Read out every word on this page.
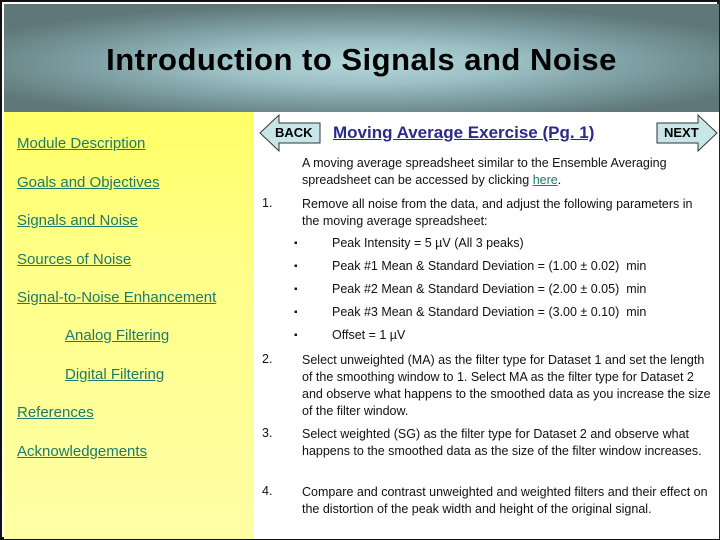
Introduction to Signals and Noise
Module Description
Goals and Objectives
Signals and Noise
Sources of Noise
Signal-to-Noise Enhancement
Analog Filtering
Digital Filtering
References
Acknowledgements
BACK Moving Average Exercise (Pg. 1)	NEXT
A moving average spreadsheet similar to the Ensemble Averaging spreadsheet can be accessed by clicking here.
1. Remove all noise from the data, and adjust the following parameters in the moving average spreadsheet:
▪	Peak Intensity = 5 µV (All 3 peaks)
▪	Peak #1 Mean & Standard Deviation = (1.00 ± 0.02)  min
▪	Peak #2 Mean & Standard Deviation = (2.00 ± 0.05)  min
▪	Peak #3 Mean & Standard Deviation = (3.00 ± 0.10)  min
▪	Offset = 1 µV
2. Select unweighted (MA) as the filter type for Dataset 1 and set the length of the smoothing window to 1. Select MA as the filter type for Dataset 2 and observe what happens to the smoothed data as you increase the size of the filter window.
3. Select weighted (SG) as the filter type for Dataset 2 and observe what happens to the smoothed data as the size of the filter window increases.
4. Compare and contrast unweighted and weighted filters and their effect on the distortion of the peak width and height of the original signal.
